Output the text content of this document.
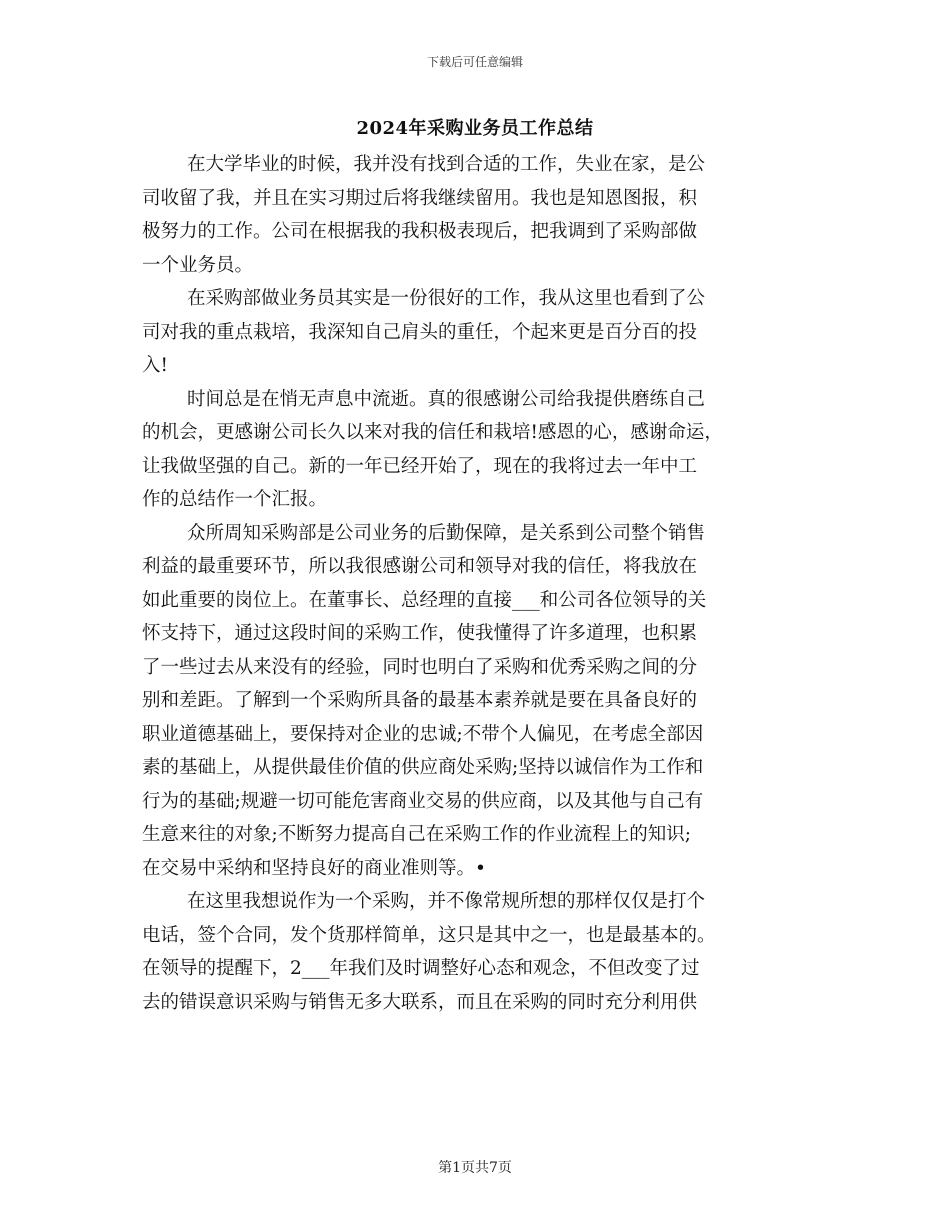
下载后可任意编辑
2024年采购业务员工作总结
在大学毕业的时候，我并没有找到合适的工作，失业在家，是公
司收留了我，并且在实习期过后将我继续留用。我也是知恩图报，积
极努力的工作。公司在根据我的我积极表现后，把我调到了采购部做
一个业务员。
在采购部做业务员其实是一份很好的工作，我从这里也看到了公
司对我的重点栽培，我深知自己肩头的重任，个起来更是百分百的投
入!
时间总是在悄无声息中流逝。真的很感谢公司给我提供磨练自己
的机会，更感谢公司长久以来对我的信任和栽培!感恩的心，感谢命运，
让我做坚强的自己。新的一年已经开始了，现在的我将过去一年中工
作的总结作一个汇报。
众所周知采购部是公司业务的后勤保障，是关系到公司整个销售
利益的最重要环节，所以我很感谢公司和领导对我的信任，将我放在
如此重要的岗位上。在董事长、总经理的直接___和公司各位领导的关
怀支持下，通过这段时间的采购工作，使我懂得了许多道理，也积累
了一些过去从来没有的经验，同时也明白了采购和优秀采购之间的分
别和差距。了解到一个采购所具备的最基本素养就是要在具备良好的
职业道德基础上，要保持对企业的忠诚;不带个人偏见，在考虑全部因
素的基础上，从提供最佳价值的供应商处采购;坚持以诚信作为工作和
行为的基础;规避一切可能危害商业交易的供应商，以及其他与自己有
生意来往的对象;不断努力提高自己在采购工作的作业流程上的知识;
在交易中采纳和坚持良好的商业准则等。•
在这里我想说作为一个采购，并不像常规所想的那样仅仅是打个
电话，签个合同，发个货那样简单，这只是其中之一，也是最基本的。
在领导的提醒下，2___年我们及时调整好心态和观念，不但改变了过
去的错误意识采购与销售无多大联系，而且在采购的同时充分利用供
第1页共7页
